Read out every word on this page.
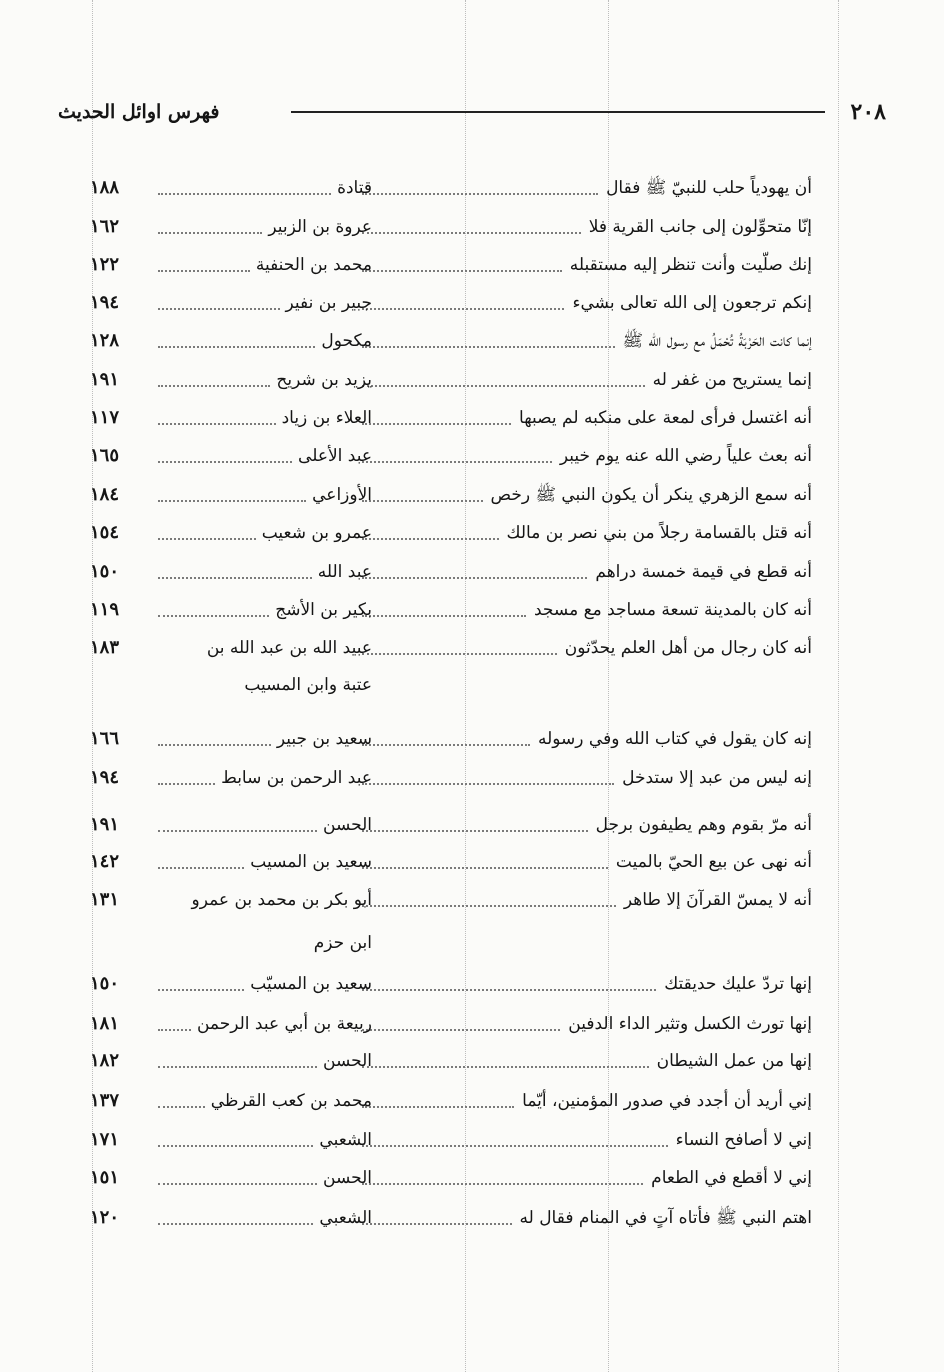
٢٠٨
فهرس اوائل الحديث
أن يهودياً حلب للنبيّ ﷺ فقال
قتادة
١٨٨
إنّا متحوِّلون إلى جانب القرية فلا
عروة بن الزبير
١٦٢
إنك صلّيت وأنت تنظر إليه مستقبله
محمد بن الحنفية
١٢٢
إنكم ترجعون إلى الله تعالى بشيء
جبير بن نفير
١٩٤
إنما كانت الحَرْبَةُ تُحْمَلُ مع رسول الله ﷺ
مكحول
١٢٨
إنما يستريح من غفر له
يزيد بن شريح
١٩١
أنه اغتسل فرأى لمعة على منكبه لم يصبها
العلاء بن زياد
١١٧
أنه بعث علياً رضي الله عنه يوم خيبر
عبد الأعلى
١٦٥
أنه سمع الزهري ينكر أن يكون النبي ﷺ رخص
الأوزاعي
١٨٤
أنه قتل بالقسامة رجلاً من بني نصر بن مالك
عمرو بن شعيب
١٥٤
أنه قطع في قيمة خمسة دراهم
عبد الله
١٥٠
أنه كان بالمدينة تسعة مساجد مع مسجد
بكير بن الأشج
١١٩
أنه كان رجال من أهل العلم يحدّثون
عبيد الله بن عبد الله بن
عتبة وابن المسيب
١٨٣
إنه كان يقول في كتاب الله وفي رسوله
سعيد بن جبير
١٦٦
إنه ليس من عبد إلا ستدخل
عبد الرحمن بن سابط
١٩٤
أنه مرّ بقوم وهم يطيفون برجل
الحسن
١٩١
أنه نهى عن بيع الحيّ بالميت
سعيد بن المسيب
١٤٢
أنه لا يمسّ القرآنَ إلا طاهر
أبو بكر بن محمد بن عمرو
ابن حزم
١٣١
إنها تردّ عليك حديقتك
سعيد بن المسيّب
١٥٠
إنها تورث الكسل وتثير الداء الدفين
ربيعة بن أبي عبد الرحمن
١٨١
إنها من عمل الشيطان
الحسن
١٨٢
إني أريد أن أجدد في صدور المؤمنين، أيّما
محمد بن كعب القرظي
١٣٧
إني لا أصافح النساء
الشعبي
١٧١
إني لا أقطع في الطعام
الحسن
١٥١
اهتم النبي ﷺ فأتاه آتٍ في المنام فقال له
الشعبي
١٢٠
